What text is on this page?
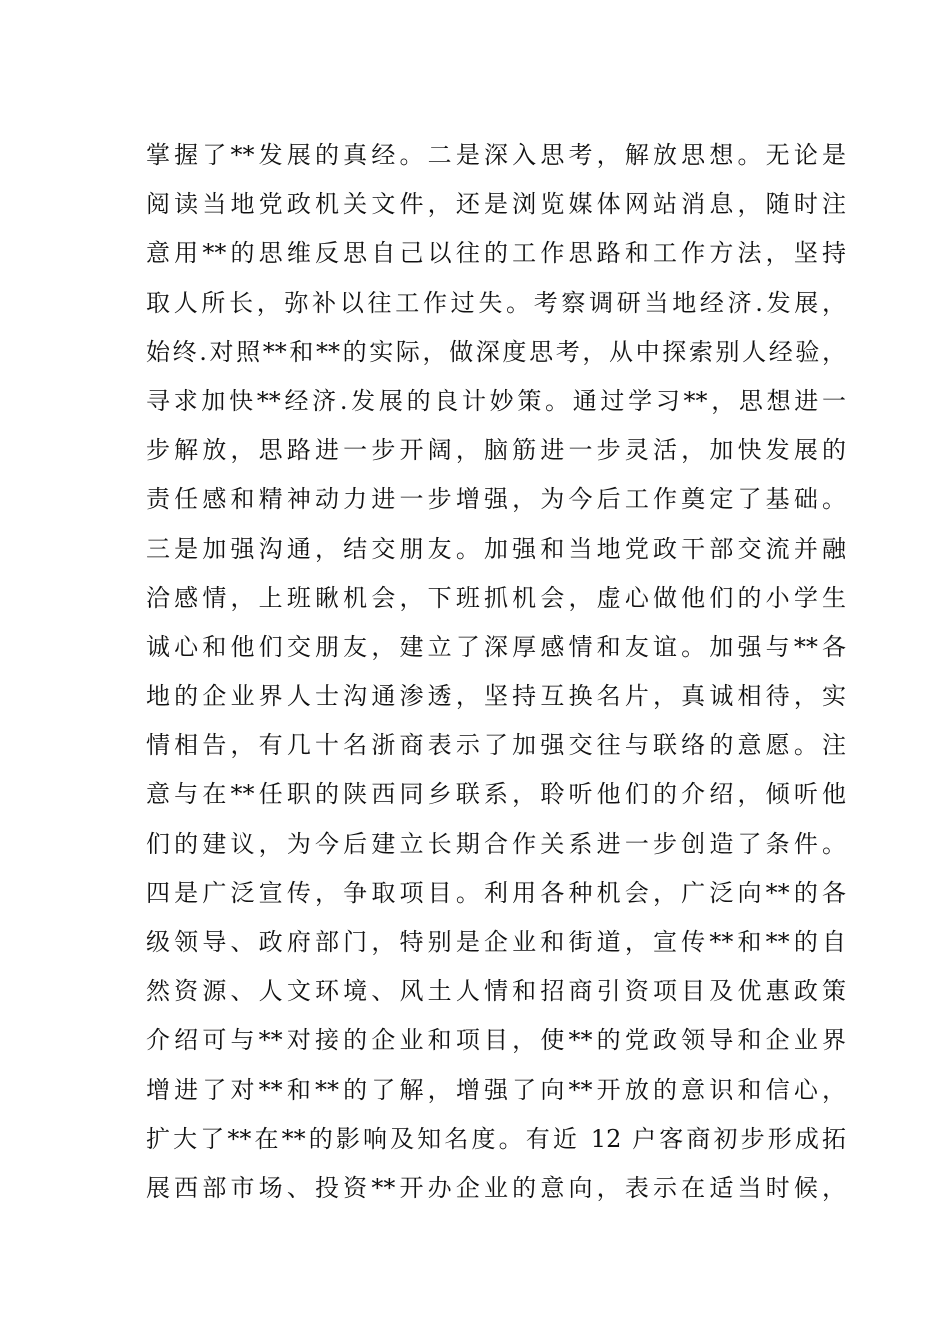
掌握了**发展的真经。二是深入思考，解放思想。无论是
阅读当地党政机关文件，还是浏览媒体网站消息，随时注
意用**的思维反思自己以往的工作思路和工作方法，坚持
取人所长，弥补以往工作过失。考察调研当地经济.发展，
始终.对照**和**的实际，做深度思考，从中探索别人经验，
寻求加快**经济.发展的良计妙策。通过学习**，思想进一
步解放，思路进一步开阔，脑筋进一步灵活，加快发展的
责任感和精神动力进一步增强，为今后工作奠定了基础。
三是加强沟通，结交朋友。加强和当地党政干部交流并融
洽感情，上班瞅机会，下班抓机会，虚心做他们的小学生
诚心和他们交朋友，建立了深厚感情和友谊。加强与**各
地的企业界人士沟通渗透，坚持互换名片，真诚相待，实
情相告，有几十名浙商表示了加强交往与联络的意愿。注
意与在**任职的陕西同乡联系，聆听他们的介绍，倾听他
们的建议，为今后建立长期合作关系进一步创造了条件。
四是广泛宣传，争取项目。利用各种机会，广泛向**的各
级领导、政府部门，特别是企业和街道，宣传**和**的自
然资源、人文环境、风土人情和招商引资项目及优惠政策
介绍可与**对接的企业和项目，使**的党政领导和企业界
增进了对**和**的了解，增强了向**开放的意识和信心，
扩大了**在**的影响及知名度。有近 12 户客商初步形成拓
展西部市场、投资**开办企业的意向，表示在适当时候，
